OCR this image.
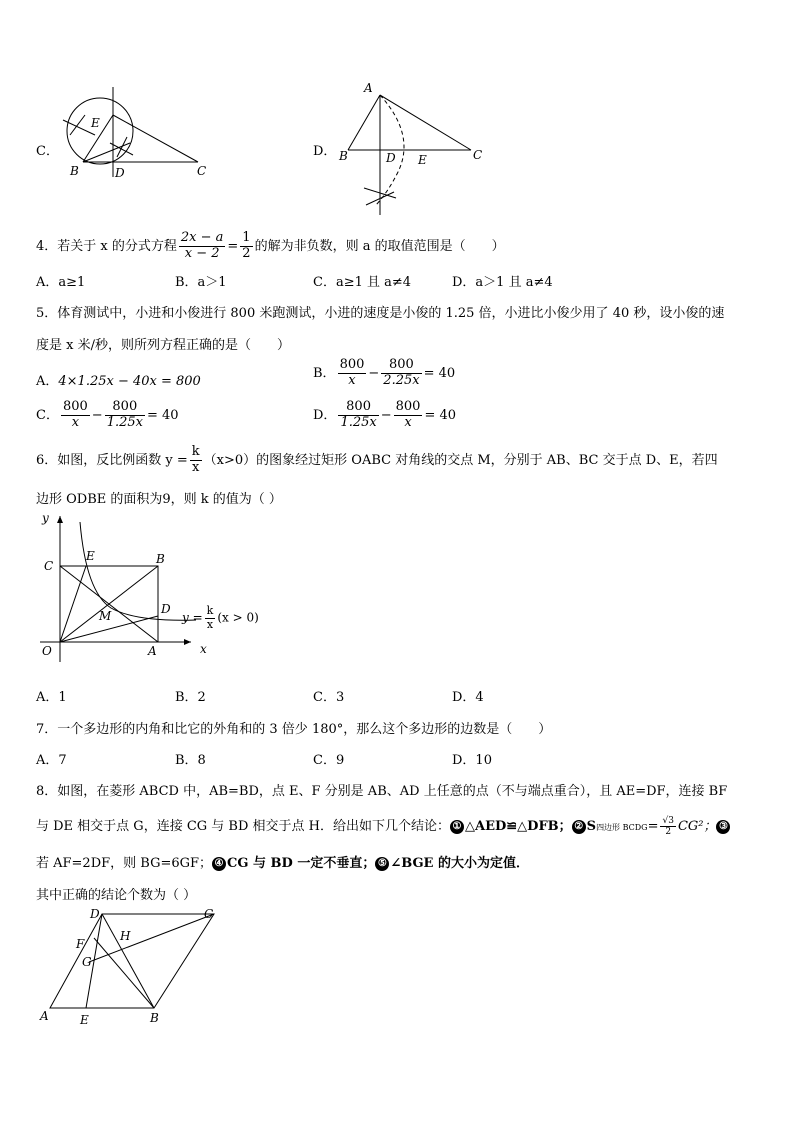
C．
E
B	D	C
D．
A
B	D E	C
4．若关于 x 的分式方程 $\frac{2x - a}{x - 2} = \frac{1}{2}$ 的解为非负数，则 a 的取值范围是（　　）
A．a≥1	B．a＞1	C．a≥1 且 a≠4	D．a＞1 且 a≠4
5．体育测试中，小进和小俊进行 800 米跑测试，小进的速度是小俊的 1.25 倍，小进比小俊少用了 40 秒，设小俊的速
度是 x 米/秒，则所列方程正确的是（　　）
A．4×1.25x − 40x = 800
B． $\frac{800}{x} - \frac{800}{2.25x} = 40$
C． $\frac{800}{x} - \frac{800}{1.25x} = 40$	D． $\frac{800}{1.25x} - \frac{800}{x} = 40$
6．如图，反比例函数 $y = \frac{k}{x} (x>0)$的图象经过矩形 OABC 对角线的交点 M，分别于 AB、BC 交于点 D、E，若四
边形 ODBE 的面积为9，则 k 的值为（ ）
y
x
O	A
B
C
E
D
M	$y = \frac{k}{x} (x > 0)$
A．1	B．2	C．3	D．4
7．一个多边形的内角和比它的外角和的 3 倍少 180°，那么这个多边形的边数是（　　）
A．7	B．8	C．9	D．10
8．如图，在菱形 ABCD 中，AB=BD，点 E、F 分别是 AB、AD 上任意的点（不与端点重合），且 AE=DF，连接 BF
与 DE 相交于点 G，连接 CG 与 BD 相交于点 H．给出如下几个结论： ① △AED≌△DFB； ② S四边形 BCDG= $\frac{√3}{2} CG^2$； ③
若 AF=2DF，则 BG=6GF； ④ CG 与 BD 一定不垂直； ⑤ ∠BGE 的大小为定值．
其中正确的结论个数为（ ）
D	C
F
H
G
A	E	B
